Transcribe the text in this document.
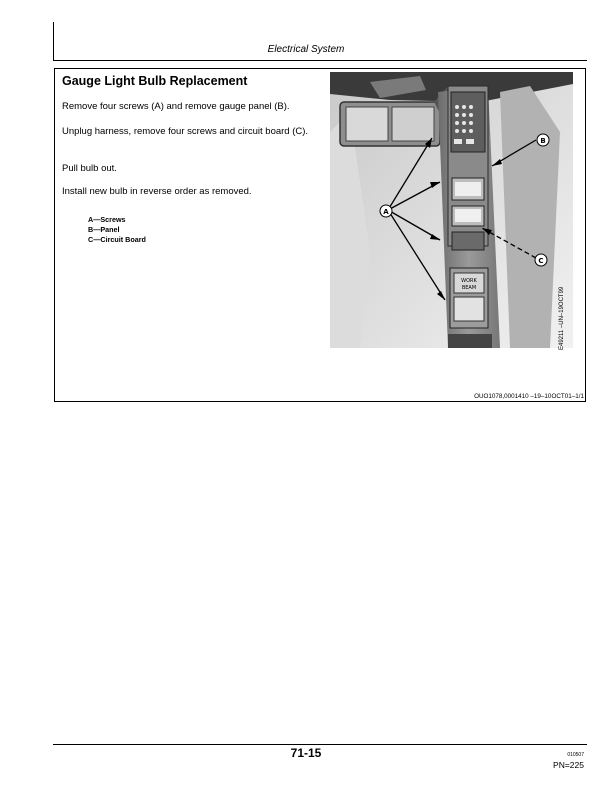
Electrical System
Gauge Light Bulb Replacement
Remove four screws (A) and remove gauge panel (B).
Unplug harness, remove four screws and circuit board (C).
Pull bulb out.
Install new bulb in reverse order as removed.
A—Screws
B—Panel
C—Circuit Board
WORK
BEAM
A
B
C
E49211 –UN–19OCT99
OUO1078,0001410 –19–10OCT01–1/1
71-15	010507
PN=225
